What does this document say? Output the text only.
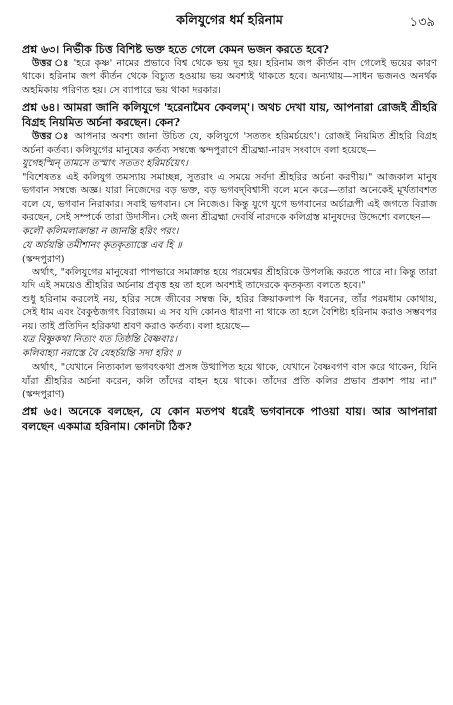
কলিযুগের ধর্ম হরিনাম	১৩৯

প্রশ্ন ৬৩। নির্ভীক চিত্ত বিশিষ্ট ভক্ত হতে গেলে কেমন ভজন করতে হবে?

উত্তর ঃ 'হরে কৃষ্ণ' নামের প্রভাবে বিশ্ব থেকে ভয় দূর হয়। হরিনাম জপ কীর্তন বাদ গেলেই ভয়ের কারণ থাকে। হরিনাম জপ কীর্তন থেকে বিচ্যুত হওয়ায় ভয় অবশ্যই থাকতে হবে। অন্যথায়—সাধন ভজনও অনর্থক অহমিকায় পরিণত হয়। সে ব্যাপারে ভয় থাকা দরকার।

প্রশ্ন ৬৪। আমরা জানি কলিযুগে 'হরেনামৈব কেবলম্'। অথচ দেখা যায়, আপনারা রোজই শ্রীহরি বিগ্রহ নিয়মিত অর্চনা করছেন। কেন?

উত্তর ঃ আপনার অবশ্য জানা উচিত যে, কলিযুগে 'সততং হরিমর্চয়েৎ'। রোজই নিয়মিত শ্রীহরি বিগ্রহ অর্চনা কর্তব্য। কলিযুগের মানুষের কর্তব্য সম্বন্ধে স্কন্দপুরাণে শ্রীব্রহ্মা-নারদ সংবাদে বলা হয়েছে—

যুগেহস্মিন্ তামসে তস্মাৎ সততং হরিমর্চয়েৎ।

"বিশেষতঃ এই কলিযুগ তমস্যায় সমাচ্ছন্ন, সুতরাং এ সময়ে সর্বদা শ্রীহরির অর্চনা করণীয়।" আজকাল মানুষ ভগবান সম্বন্ধে অজ্ঞ। যারা নিজেদের বড় ভক্ত, বড় ভগবদ্‌বিশ্বাসী বলে মনে করে—তারা অনেকেই মূর্খতাবশত বলে যে, ভগবান নিরাকার। সবাই ভগবান। সে নিজেও। কিন্তু যুগে যুগে ভগবানের অর্চাব্রূপী এই জগতে বিরাজ করছেন, সেই সম্পর্কে তারা উদাসীন। সেই জন্য শ্রীব্রহ্মা দেবর্ষি নারদকে কলিগ্রস্ত মানুষদের উদ্দেশ্যে বলছেন—

কলৌ কলিমলাক্রান্তা ন জানন্তি হরিং পরং।

যে অর্চয়ন্তি তমীশানং কৃতকৃত্যাস্তে এব হি ॥

(স্কন্দপুরাণ)

অর্থাৎ, "কলিযুগের মানুষেরা পাপভারে সমাক্রান্ত হয়ে পরমেশ্বর শ্রীহরিকে উপলব্ধি করতে পারে না। কিন্তু তারা যদি এই সময়েও শ্রীহরির অর্চনায় প্রবৃত্ত হয় তা হলে অবশ্যই তাদেরকে কৃতকৃত্য বলতে হবে।"

শুধু হরিনাম করলেই নয়, হরির সঙ্গে জীবের সম্বন্ধ কি, হরির ক্রিয়াকলাপ কি ধরনের, তাঁর পরমধাম কোথায়, সেই ধাম এবং বৈকুণ্ঠজগৎ বিরাজম। এ সব যদি কোনও ধারণা না থাকে তা হলে বৈশিষ্ট্য হরিনাম করাও সম্ভবপর নয়। তাই প্রতিদিন হরিকথা শ্রবণ করাও কর্তব্য। বলা হয়েছে—

যত্র বিষ্ণুকথা নিত্যং যত তিষ্ঠন্তি বৈষ্ণবাঃ।

কলিবাহ্যা নরাস্তে বৈ যেহর্চয়ন্তি সদা হরিং ॥

অর্থাৎ, "যেখানে নিত্যকাল ভগবৎকথা প্রসঙ্গ উত্থাপিত হয়ে থাকে, যেখানে বৈষ্ণবগণ বাস করে থাকেন, যিনি যাঁরা শ্রীহরির অর্চনা করেন, কলি তাঁদের বাহন হয়ে থাকে। তাঁদের প্রতি কলির প্রভাব প্রকাশ পায় না।" (স্কন্দপুরাণ)

প্রশ্ন ৬৫। অনেকে বলছেন, যে কোন মতপথ ধরেই ভগবানকে পাওয়া যায়। আর আপনারা বলছেন একমাত্র হরিনাম। কোনটা ঠিক?
